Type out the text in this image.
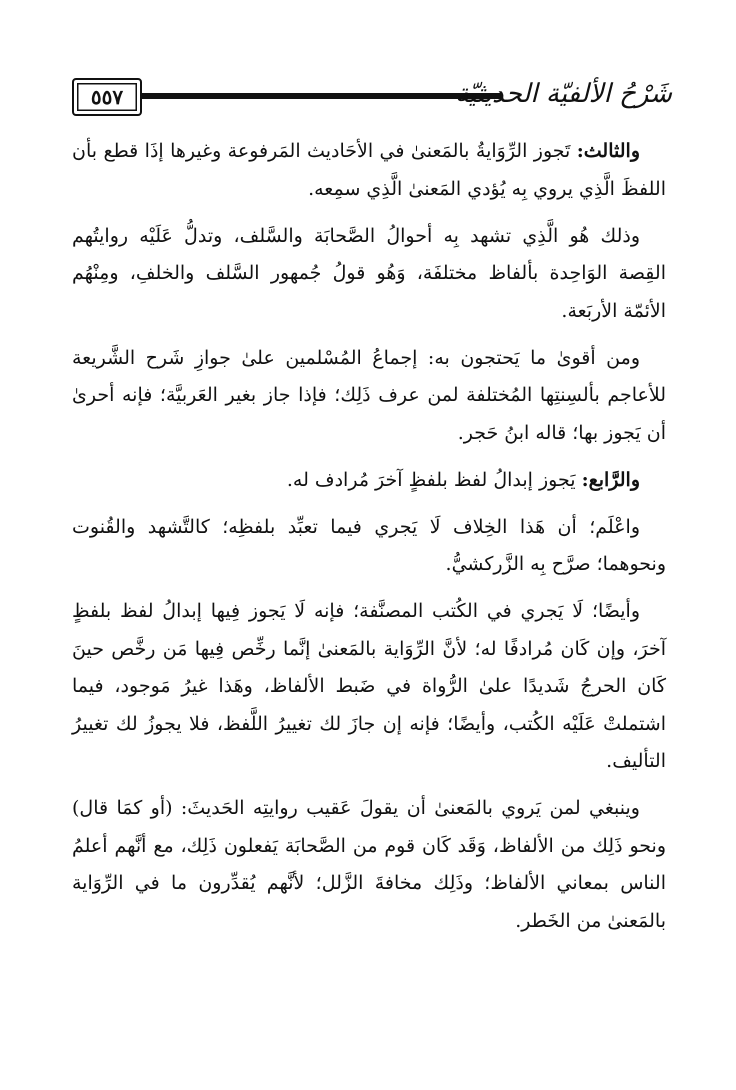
٥٥٧	شَرْحُ الألفيّة الحديثيّة

والثالث: تَجوز الرِّوَايةُ بالمَعنىٰ في الأحَاديث المَرفوعة وغيرها إذَا قطع بأن اللفظَ الَّذِي يروي بِه يُؤدي المَعنىٰ الَّذِي سمِعه.

وذلك هُو الَّذِي تشهد بِه أحوالُ الصَّحابَة والسَّلف، وتدلُّ عَلَيْه روايتُهم القِصة الوَاحِدة بألفاظ مختلفَة، وَهُو قولُ جُمهور السَّلف والخلفِ، ومِنْهُم الأئمّة الأربَعة.

ومن أقوىٰ ما يَحتجون به: إجماعُ المُسْلمين علىٰ جوازِ شَرح الشَّريعة للأعاجم بألسِنتِها المُختلفة لمن عرف ذَلِك؛ فإذا جاز بغير العَربيَّة؛ فإنه أحرىٰ أن يَجوز بها؛ قاله ابنُ حَجر.

والرَّابع: يَجوز إبدالُ لفظ بلفظٍ آخرَ مُرادف له.

واعْلَم؛ أن هَذا الخِلاف لَا يَجري فيما تعبِّد بلفظِه؛ كالتَّشهد والقُنوت ونحوهما؛ صرَّح بِه الزَّركشيُّ.

وأيضًا؛ لَا يَجري في الكُتب المصنَّفة؛ فإنه لَا يَجوز فِيها إبدالُ لفظ بلفظٍ آخرَ، وإن كَان مُرادفًا له؛ لأنَّ الرِّوَاية بالمَعنىٰ إنَّما رخِّص فِيها مَن رخَّص حينَ كَان الحرجُ شَديدًا علىٰ الرُّواة في ضَبط الألفاظ، وهَذا غيرُ مَوجود، فيما اشتملتْ عَلَيْه الكُتب، وأيضًا؛ فإنه إن جازَ لك تغييرُ اللَّفظ، فلا يجوزُ لك تغييرُ التأليف.

وينبغي لمن يَروي بالمَعنىٰ أن يقولَ عَقيب روايتِه الحَديثَ: (أو كمَا قال) ونحو ذَلِك من الألفاظ، وَقَد كَان قوم من الصَّحابَة يَفعلون ذَلِك، مع أنَّهم أعلمُ الناس بمعاني الألفاظ؛ وذَلِك مخافةَ الزَّلل؛ لأنَّهم يُقدِّرون ما في الرِّوَاية بالمَعنىٰ من الخَطر.
